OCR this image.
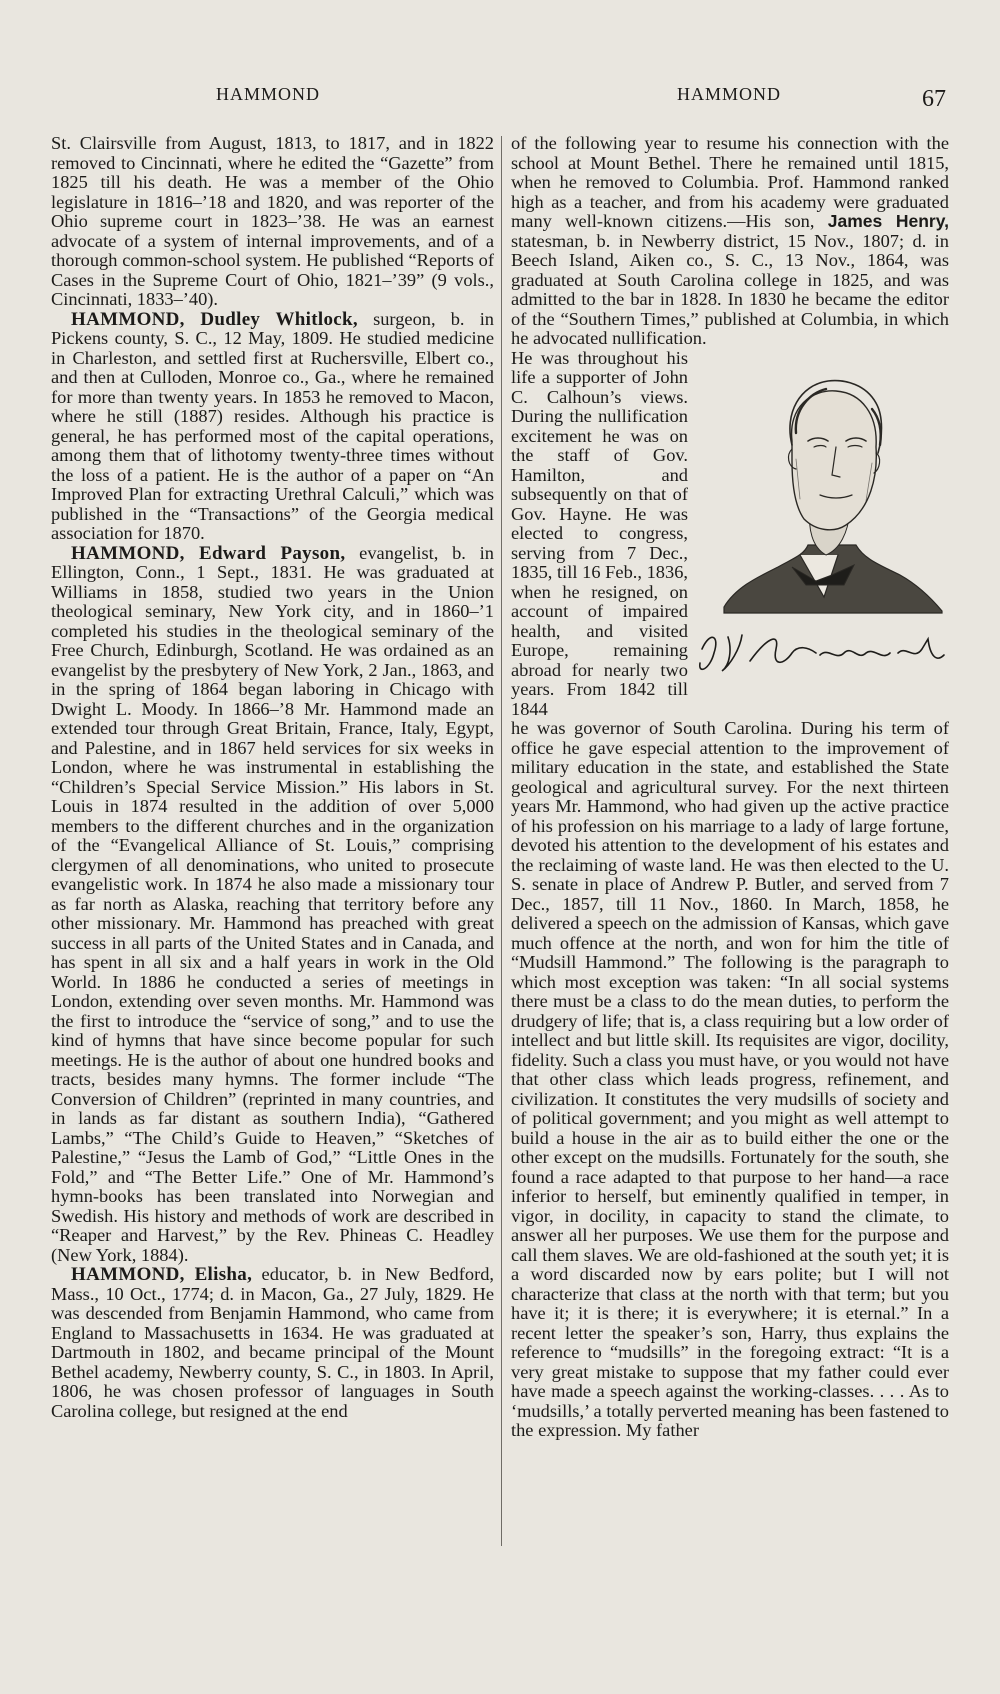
HAMMOND	HAMMOND	67

St. Clairsville from August, 1813, to 1817, and in 1822 removed to Cincinnati, where he edited the “Gazette” from 1825 till his death. He was a member of the Ohio legislature in 1816–’18 and 1820, and was reporter of the Ohio supreme court in 1823–’38. He was an earnest advocate of a system of internal improvements, and of a thorough common-school system. He published “Reports of Cases in the Supreme Court of Ohio, 1821–’39” (9 vols., Cincinnati, 1833–’40).

HAMMOND, Dudley Whitlock, surgeon, b. in Pickens county, S. C., 12 May, 1809. He studied medicine in Charleston, and settled first at Ruchersville, Elbert co., and then at Culloden, Monroe co., Ga., where he remained for more than twenty years. In 1853 he removed to Macon, where he still (1887) resides. Although his practice is general, he has performed most of the capital operations, among them that of lithotomy twenty-three times without the loss of a patient. He is the author of a paper on “An Improved Plan for extracting Urethral Calculi,” which was published in the “Transactions” of the Georgia medical association for 1870.

HAMMOND, Edward Payson, evangelist, b. in Ellington, Conn., 1 Sept., 1831. He was graduated at Williams in 1858, studied two years in the Union theological seminary, New York city, and in 1860–’1 completed his studies in the theological seminary of the Free Church, Edinburgh, Scotland. He was ordained as an evangelist by the presbytery of New York, 2 Jan., 1863, and in the spring of 1864 began laboring in Chicago with Dwight L. Moody. In 1866–’8 Mr. Hammond made an extended tour through Great Britain, France, Italy, Egypt, and Palestine, and in 1867 held services for six weeks in London, where he was instrumental in establishing the “Children’s Special Service Mission.” His labors in St. Louis in 1874 resulted in the addition of over 5,000 members to the different churches and in the organization of the “Evangelical Alliance of St. Louis,” comprising clergymen of all denominations, who united to prosecute evangelistic work. In 1874 he also made a missionary tour as far north as Alaska, reaching that territory before any other missionary. Mr. Hammond has preached with great success in all parts of the United States and in Canada, and has spent in all six and a half years in work in the Old World. In 1886 he conducted a series of meetings in London, extending over seven months. Mr. Hammond was the first to introduce the “service of song,” and to use the kind of hymns that have since become popular for such meetings. He is the author of about one hundred books and tracts, besides many hymns. The former include “The Conversion of Children” (reprinted in many countries, and in lands as far distant as southern India), “Gathered Lambs,” “The Child’s Guide to Heaven,” “Sketches of Palestine,” “Jesus the Lamb of God,” “Little Ones in the Fold,” and “The Better Life.” One of Mr. Hammond’s hymn-books has been translated into Norwegian and Swedish. His history and methods of work are described in “Reaper and Harvest,” by the Rev. Phineas C. Headley (New York, 1884).

HAMMOND, Elisha, educator, b. in New Bedford, Mass., 10 Oct., 1774; d. in Macon, Ga., 27 July, 1829. He was descended from Benjamin Hammond, who came from England to Massachusetts in 1634. He was graduated at Dartmouth in 1802, and became principal of the Mount Bethel academy, Newberry county, S. C., in 1803. In April, 1806, he was chosen professor of languages in South Carolina college, but resigned at the end

of the following year to resume his connection with the school at Mount Bethel. There he remained until 1815, when he removed to Columbia. Prof. Hammond ranked high as a teacher, and from his academy were graduated many well-known citizens.—His son, James Henry, statesman, b. in Newberry district, 15 Nov., 1807; d. in Beech Island, Aiken co., S. C., 13 Nov., 1864, was graduated at South Carolina college in 1825, and was admitted to the bar in 1828. In 1830 he became the editor of the “Southern Times,” published at Columbia, in which he advocated nullification.

He was throughout his life a supporter of John C. Calhoun’s views. During the nullification excitement he was on the staff of Gov. Hamilton, and subsequently on that of Gov. Hayne. He was elected to congress, serving from 7 Dec., 1835, till 16 Feb., 1836, when he resigned, on account of impaired health, and visited Europe, remaining abroad for nearly two years. From 1842 till 1844

J. H. Hammond

he was governor of South Carolina. During his term of office he gave especial attention to the improvement of military education in the state, and established the State geological and agricultural survey. For the next thirteen years Mr. Hammond, who had given up the active practice of his profession on his marriage to a lady of large fortune, devoted his attention to the development of his estates and the reclaiming of waste land. He was then elected to the U. S. senate in place of Andrew P. Butler, and served from 7 Dec., 1857, till 11 Nov., 1860. In March, 1858, he delivered a speech on the admission of Kansas, which gave much offence at the north, and won for him the title of “Mudsill Hammond.” The following is the paragraph to which most exception was taken: “In all social systems there must be a class to do the mean duties, to perform the drudgery of life; that is, a class requiring but a low order of intellect and but little skill. Its requisites are vigor, docility, fidelity. Such a class you must have, or you would not have that other class which leads progress, refinement, and civilization. It constitutes the very mudsills of society and of political government; and you might as well attempt to build a house in the air as to build either the one or the other except on the mudsills. Fortunately for the south, she found a race adapted to that purpose to her hand—a race inferior to herself, but eminently qualified in temper, in vigor, in docility, in capacity to stand the climate, to answer all her purposes. We use them for the purpose and call them slaves. We are old-fashioned at the south yet; it is a word discarded now by ears polite; but I will not characterize that class at the north with that term; but you have it; it is there; it is everywhere; it is eternal.” In a recent letter the speaker’s son, Harry, thus explains the reference to “mudsills” in the foregoing extract: “It is a very great mistake to suppose that my father could ever have made a speech against the working-classes. . . . As to ‘mudsills,’ a totally perverted meaning has been fastened to the expression. My father
